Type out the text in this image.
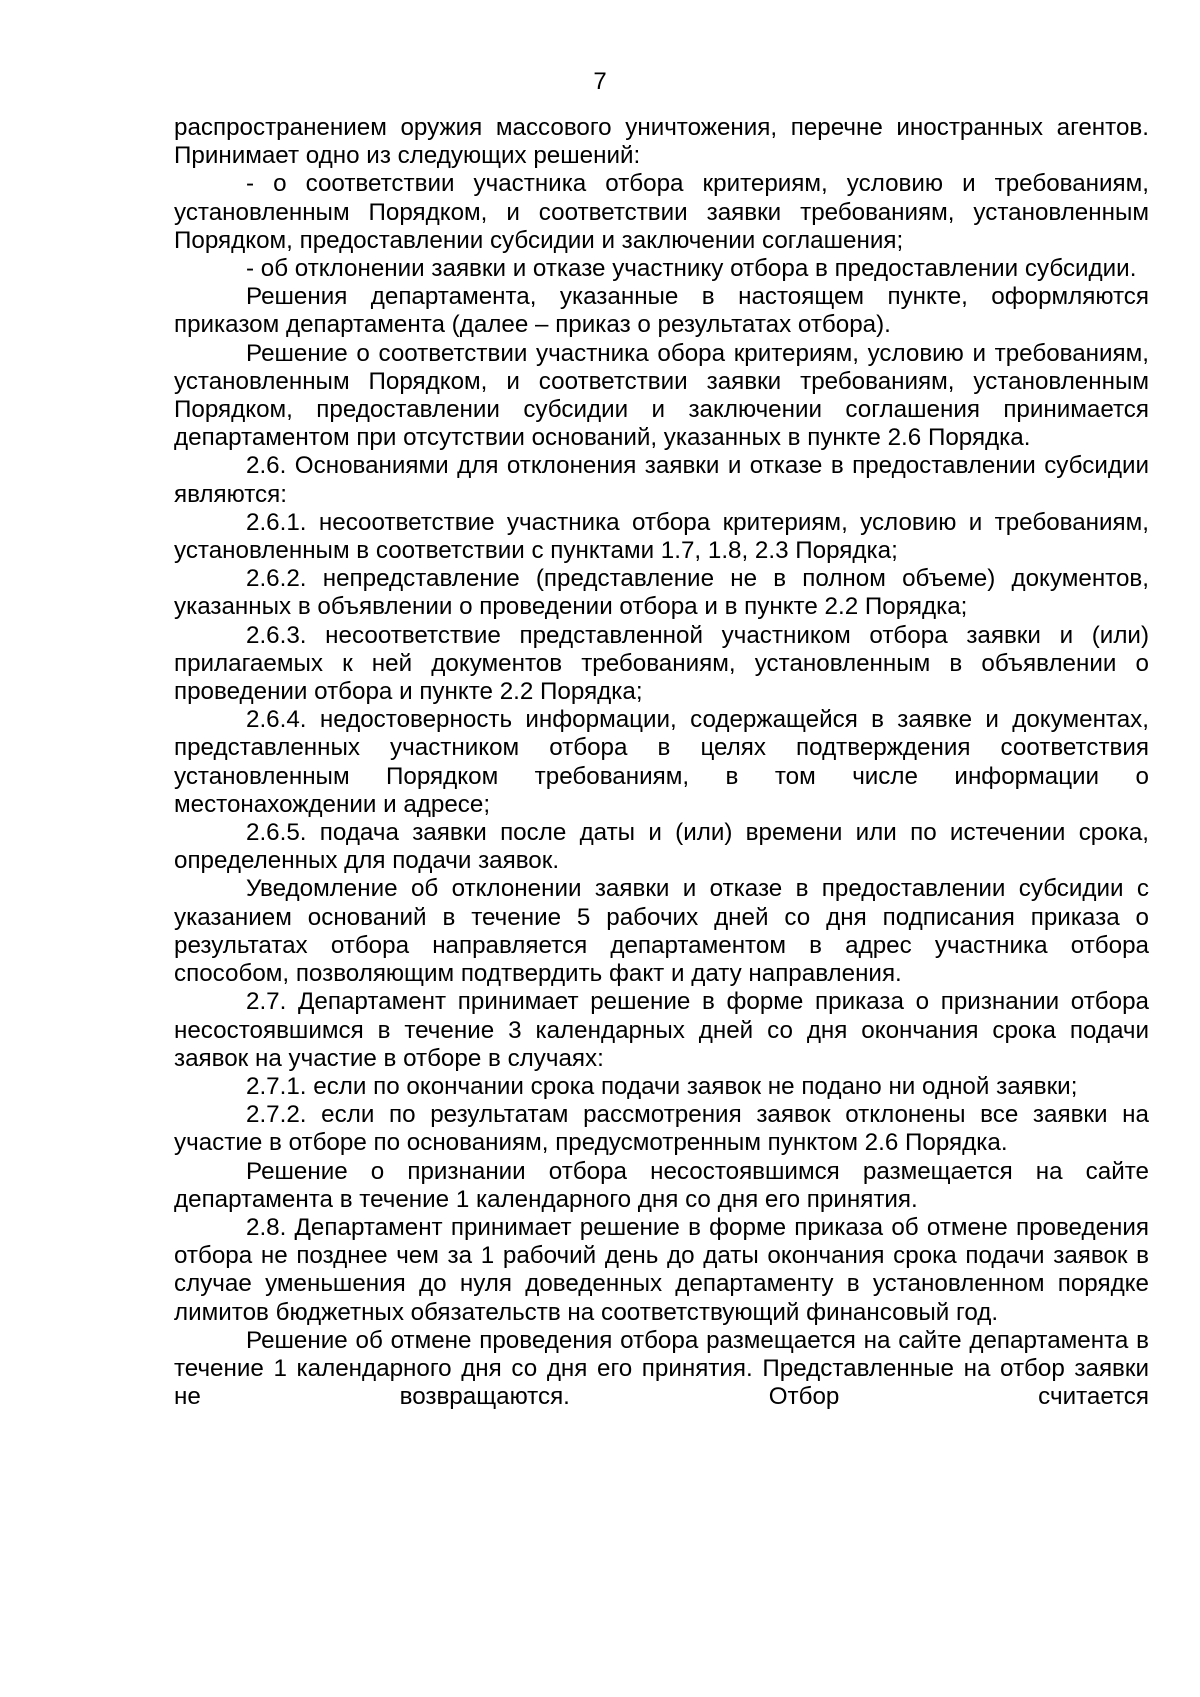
7

распространением оружия массового уничтожения, перечне иностранных агентов. Принимает одно из следующих решений:

- о соответствии участника отбора критериям, условию и требованиям, установленным Порядком, и соответствии заявки требованиям, установленным Порядком, предоставлении субсидии и заключении соглашения;

- об отклонении заявки и отказе участнику отбора в предоставлении субсидии.

Решения департамента, указанные в настоящем пункте, оформляются приказом департамента (далее – приказ о результатах отбора).

Решение о соответствии участника обора критериям, условию и требованиям, установленным Порядком, и соответствии заявки требованиям, установленным Порядком, предоставлении субсидии и заключении соглашения принимается департаментом при отсутствии оснований, указанных в пункте 2.6 Порядка.

2.6. Основаниями для отклонения заявки и отказе в предоставлении субсидии являются:

2.6.1. несоответствие участника отбора критериям, условию и требованиям, установленным в соответствии с пунктами 1.7, 1.8, 2.3 Порядка;

2.6.2. непредставление (представление не в полном объеме) документов, указанных в объявлении о проведении отбора и в пункте 2.2 Порядка;

2.6.3. несоответствие представленной участником отбора заявки и (или) прилагаемых к ней документов требованиям, установленным в объявлении о проведении отбора и пункте 2.2 Порядка;

2.6.4. недостоверность информации, содержащейся в заявке и документах, представленных участником отбора в целях подтверждения соответствия установленным Порядком требованиям, в том числе информации о местонахождении и адресе;

2.6.5. подача заявки после даты и (или) времени или по истечении срока, определенных для подачи заявок.

Уведомление об отклонении заявки и отказе в предоставлении субсидии с указанием оснований в течение 5 рабочих дней со дня подписания приказа о результатах отбора направляется департаментом в адрес участника отбора способом, позволяющим подтвердить факт и дату направления.

2.7. Департамент принимает решение в форме приказа о признании отбора несостоявшимся в течение 3 календарных дней со дня окончания срока подачи заявок на участие в отборе в случаях:

2.7.1. если по окончании срока подачи заявок не подано ни одной заявки;

2.7.2. если по результатам рассмотрения заявок отклонены все заявки на участие в отборе по основаниям, предусмотренным пунктом 2.6 Порядка.

Решение о признании отбора несостоявшимся размещается на сайте департамента в течение 1 календарного дня со дня его принятия.

2.8. Департамент принимает решение в форме приказа об отмене проведения отбора не позднее чем за 1 рабочий день до даты окончания срока подачи заявок в случае уменьшения до нуля доведенных департаменту в установленном порядке лимитов бюджетных обязательств на соответствующий финансовый год.

Решение об отмене проведения отбора размещается на сайте департамента в течение 1 календарного дня со дня его принятия. Представленные на отбор заявки не возвращаются. Отбор считается
